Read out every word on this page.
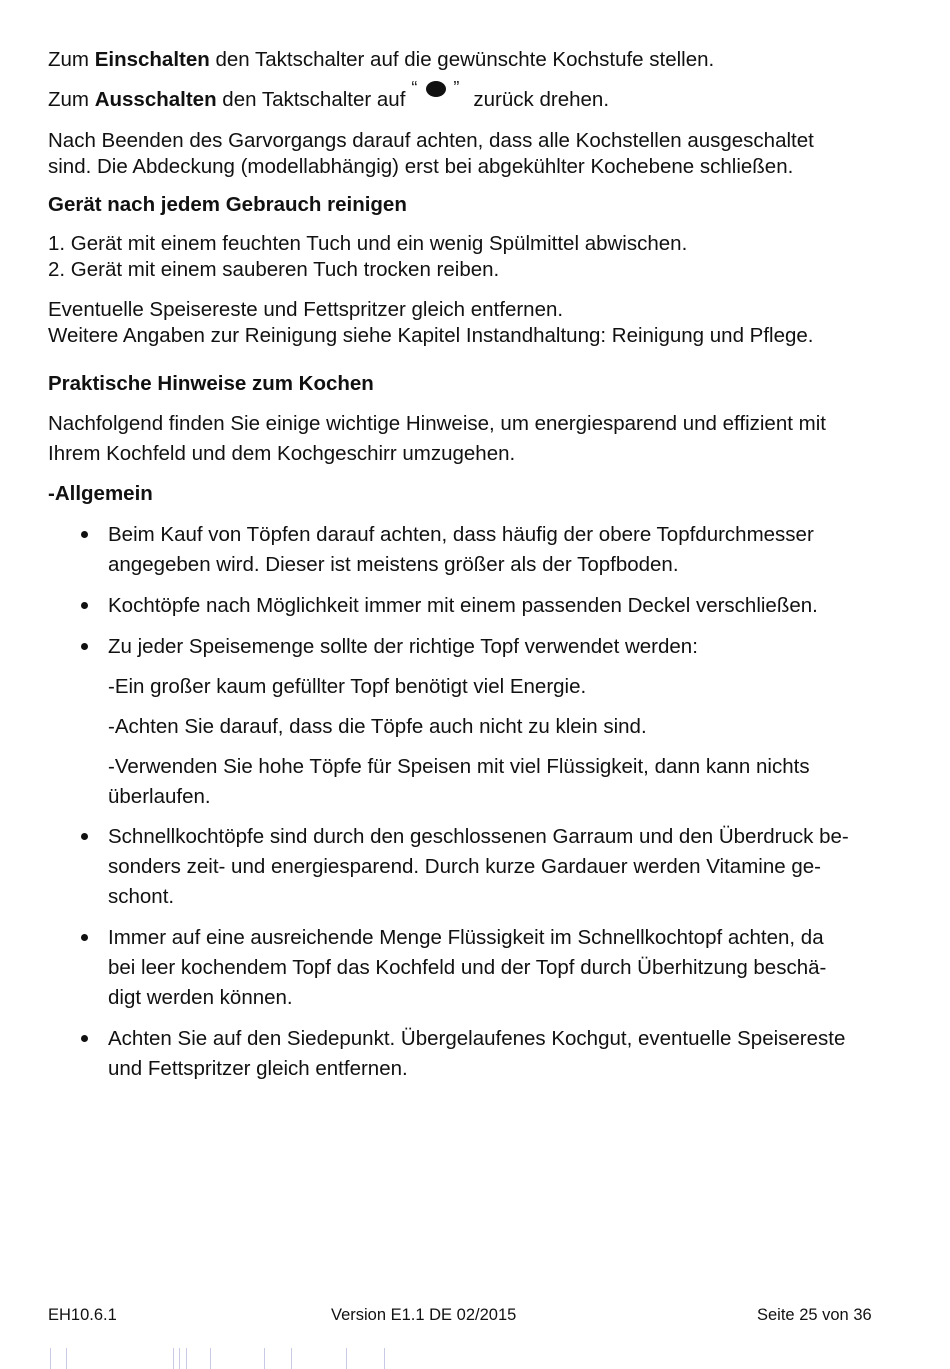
Zum Einschalten den Taktschalter auf die gewünschte Kochstufe stellen.
Zum Ausschalten den Taktschalter auf “ ” zurück drehen.
Nach Beenden des Garvorgangs darauf achten, dass alle Kochstellen ausgeschaltet
sind. Die Abdeckung (modellabhängig) erst bei abgekühlter Kochebene schließen.
Gerät nach jedem Gebrauch reinigen
1. Gerät mit einem feuchten Tuch und ein wenig Spülmittel abwischen.
2. Gerät mit einem sauberen Tuch trocken reiben.
Eventuelle Speisereste und Fettspritzer gleich entfernen.
Weitere Angaben zur Reinigung siehe Kapitel Instandhaltung: Reinigung und Pflege.
Praktische Hinweise zum Kochen
Nachfolgend finden Sie einige wichtige Hinweise, um energiesparend und effizient mit
Ihrem Kochfeld und dem Kochgeschirr umzugehen.
-Allgemein
Beim Kauf von Töpfen darauf achten, dass häufig der obere Topfdurchmesser
angegeben wird. Dieser ist meistens größer als der Topfboden.
Kochtöpfe nach Möglichkeit immer mit einem passenden Deckel verschließen.
Zu jeder Speisemenge sollte der richtige Topf verwendet werden:
-Ein großer kaum gefüllter Topf benötigt viel Energie.
-Achten Sie darauf, dass die Töpfe auch nicht zu klein sind.
-Verwenden Sie hohe Töpfe für Speisen mit viel Flüssigkeit, dann kann nichts
überlaufen.
Schnellkochtöpfe sind durch den geschlossenen Garraum und den Überdruck be-
sonders zeit- und energiesparend. Durch kurze Gardauer werden Vitamine ge-
schont.
Immer auf eine ausreichende Menge Flüssigkeit im Schnellkochtopf achten, da
bei leer kochendem Topf das Kochfeld und der Topf durch Überhitzung beschä-
digt werden können.
Achten Sie auf den Siedepunkt. Übergelaufenes Kochgut, eventuelle Speisereste
und Fettspritzer gleich entfernen.
EH10.6.1	Version E1.1 DE 02/2015	Seite 25 von 36
